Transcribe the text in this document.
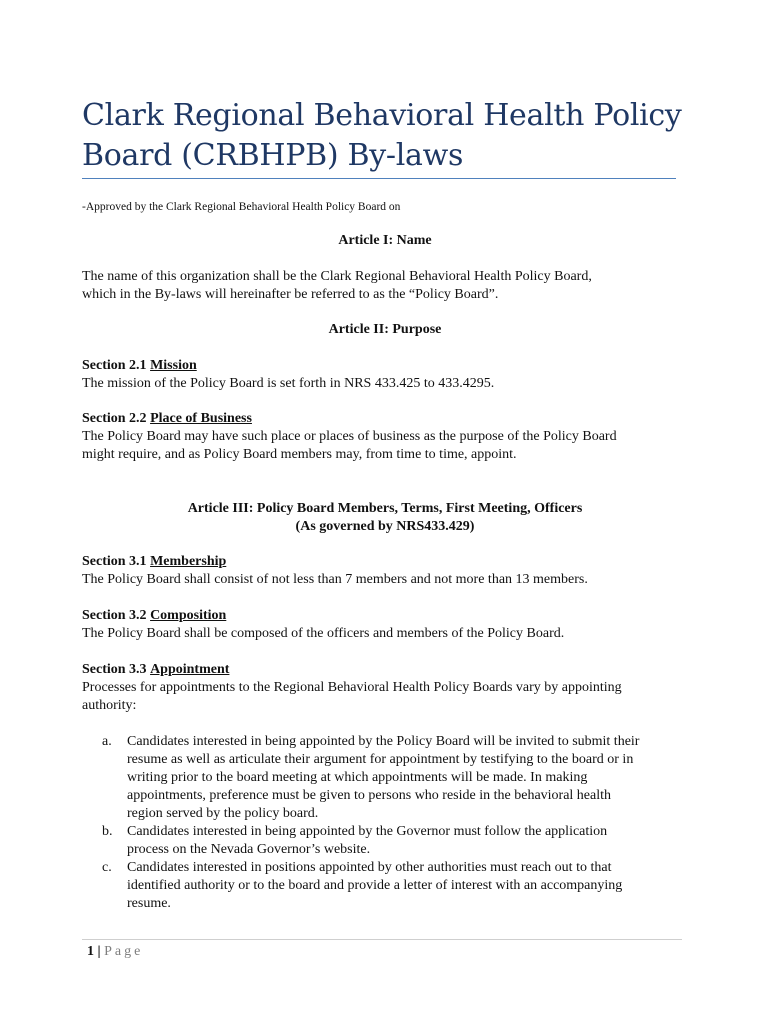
Clark Regional Behavioral Health Policy
Board (CRBHPB) By-laws
-Approved by the Clark Regional Behavioral Health Policy Board on
Article I: Name
The name of this organization shall be the Clark Regional Behavioral Health Policy Board,
which in the By-laws will hereinafter be referred to as the “Policy Board”.
Article II: Purpose
Section 2.1 Mission
The mission of the Policy Board is set forth in NRS 433.425 to 433.4295.
Section 2.2 Place of Business
The Policy Board may have such place or places of business as the purpose of the Policy Board
might require, and as Policy Board members may, from time to time, appoint.
Article III: Policy Board Members, Terms, First Meeting, Officers
(As governed by NRS433.429)
Section 3.1 Membership
The Policy Board shall consist of not less than 7 members and not more than 13 members.
Section 3.2 Composition
The Policy Board shall be composed of the officers and members of the Policy Board.
Section 3.3 Appointment
Processes for appointments to the Regional Behavioral Health Policy Boards vary by appointing
authority:
a. Candidates interested in being appointed by the Policy Board will be invited to submit their
resume as well as articulate their argument for appointment by testifying to the board or in
writing prior to the board meeting at which appointments will be made. In making
appointments, preference must be given to persons who reside in the behavioral health
region served by the policy board.
b. Candidates interested in being appointed by the Governor must follow the application
process on the Nevada Governor’s website.
c. Candidates interested in positions appointed by other authorities must reach out to that
identified authority or to the board and provide a letter of interest with an accompanying
resume.
1 | Page
